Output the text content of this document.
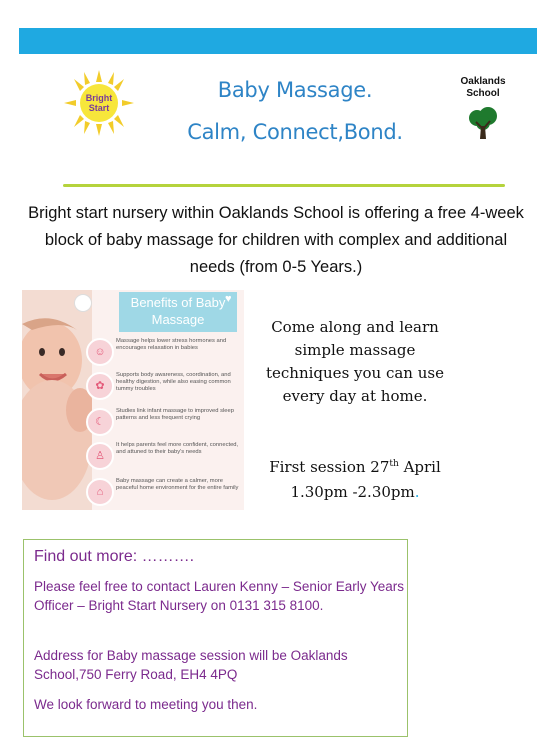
Bright
Start
Baby Massage.
Calm, Connect,Bond.
Oaklands
School
Bright start nursery within Oaklands School is offering a free 4-week block of baby massage for children with complex and additional needs (from 0-5 Years.)
Benefits of Baby Massage
♥
☺
Massage helps lower stress hormones and encourages relaxation in babies
✿
Supports body awareness, coordination, and healthy digestion, while also easing common tummy troubles
☾
Studies link infant massage to improved sleep patterns and less frequent crying
♙
It helps parents feel more confident, connected, and attuned to their baby's needs
⌂
Baby massage can create a calmer, more peaceful home environment for the entire family
Come along and learn simple massage techniques you can use every day at home.
First session 27th April
1.30pm -2.30pm.
Find out more: ……….
Please feel free to contact Lauren Kenny – Senior Early Years Officer – Bright Start Nursery on 0131 315 8100.
Address for Baby massage session will be Oaklands School,750 Ferry Road, EH4 4PQ
We look forward to meeting you then.
